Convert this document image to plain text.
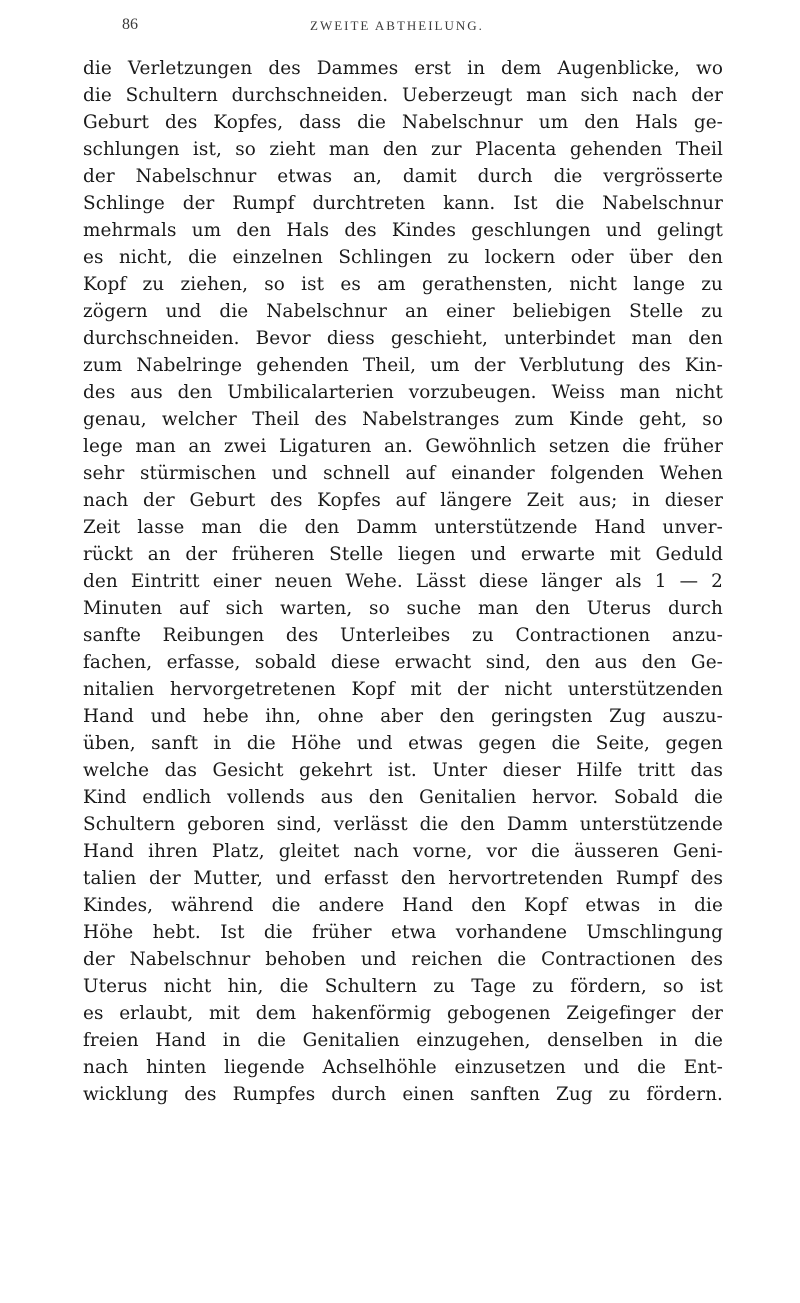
86	ZWEITE ABTHEILUNG.
die Verletzungen des Dammes erst in dem Augenblicke, wo
die Schultern durchschneiden. Ueberzeugt man sich nach der
Geburt des Kopfes, dass die Nabelschnur um den Hals ge-
schlungen ist, so zieht man den zur Placenta gehenden Theil
der Nabelschnur etwas an, damit durch die vergrösserte
Schlinge der Rumpf durchtreten kann. Ist die Nabelschnur
mehrmals um den Hals des Kindes geschlungen und gelingt
es nicht, die einzelnen Schlingen zu lockern oder über den
Kopf zu ziehen, so ist es am gerathensten, nicht lange zu
zögern und die Nabelschnur an einer beliebigen Stelle zu
durchschneiden. Bevor diess geschieht, unterbindet man den
zum Nabelringe gehenden Theil, um der Verblutung des Kin-
des aus den Umbilicalarterien vorzubeugen. Weiss man nicht
genau, welcher Theil des Nabelstranges zum Kinde geht, so
lege man an zwei Ligaturen an. Gewöhnlich setzen die früher
sehr stürmischen und schnell auf einander folgenden Wehen
nach der Geburt des Kopfes auf längere Zeit aus; in dieser
Zeit lasse man die den Damm unterstützende Hand unver-
rückt an der früheren Stelle liegen und erwarte mit Geduld
den Eintritt einer neuen Wehe. Lässt diese länger als 1 — 2
Minuten auf sich warten, so suche man den Uterus durch
sanfte Reibungen des Unterleibes zu Contractionen anzu-
fachen, erfasse, sobald diese erwacht sind, den aus den Ge-
nitalien hervorgetretenen Kopf mit der nicht unterstützenden
Hand und hebe ihn, ohne aber den geringsten Zug auszu-
üben, sanft in die Höhe und etwas gegen die Seite, gegen
welche das Gesicht gekehrt ist. Unter dieser Hilfe tritt das
Kind endlich vollends aus den Genitalien hervor. Sobald die
Schultern geboren sind, verlässt die den Damm unterstützende
Hand ihren Platz, gleitet nach vorne, vor die äusseren Geni-
talien der Mutter, und erfasst den hervortretenden Rumpf des
Kindes, während die andere Hand den Kopf etwas in die
Höhe hebt. Ist die früher etwa vorhandene Umschlingung
der Nabelschnur behoben und reichen die Contractionen des
Uterus nicht hin, die Schultern zu Tage zu fördern, so ist
es erlaubt, mit dem hakenförmig gebogenen Zeigefinger der
freien Hand in die Genitalien einzugehen, denselben in die
nach hinten liegende Achselhöhle einzusetzen und die Ent-
wicklung des Rumpfes durch einen sanften Zug zu fördern.
